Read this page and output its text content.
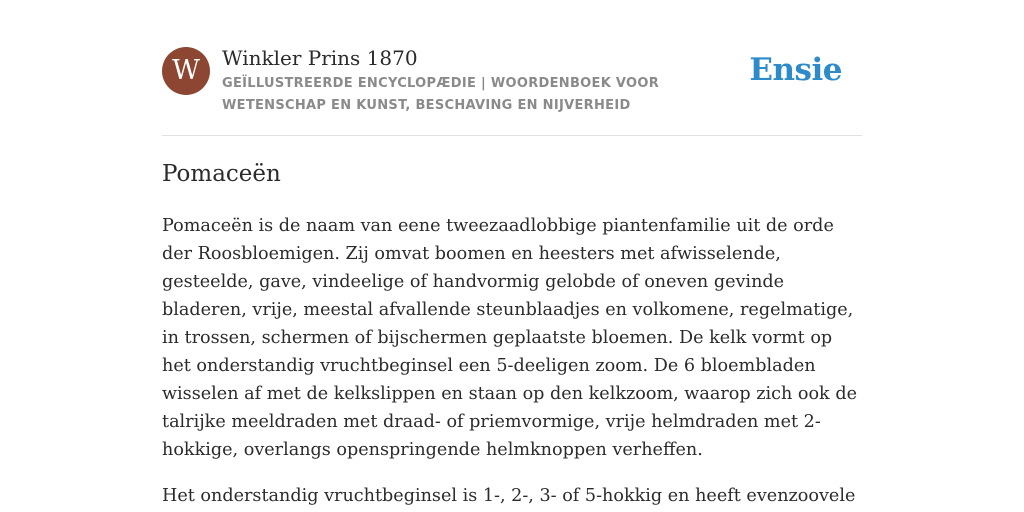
W	Winkler Prins 1870
GEÏLLUSTREERDE ENCYCLOPÆDIE | WOORDENBOEK VOOR WETENSCHAP EN KUNST, BESCHAVING EN NIJVERHEID
Ensie
Pomaceën

Pomaceën is de naam van eene tweezaadlobbige piantenfamilie uit de orde der Roosbloemigen. Zij omvat boomen en heesters met afwisselende, gesteelde, gave, vindeelige of handvormig gelobde of oneven gevinde bladeren, vrije, meestal afvallende steunblaadjes en volkomene, regelmatige, in trossen, schermen of bijschermen geplaatste bloemen. De kelk vormt op het onderstandig vruchtbeginsel een 5-deeligen zoom. De 6 bloembladen wisselen af met de kelkslippen en staan op den kelkzoom, waarop zich ook de talrijke meeldraden met draad- of priemvormige, vrije helmdraden met 2-hokkige, overlangs openspringende helmknoppen verheffen.

Het onderstandig vruchtbeginsel is 1-, 2-, 3- of 5-hokkig en heeft evenzoovele
